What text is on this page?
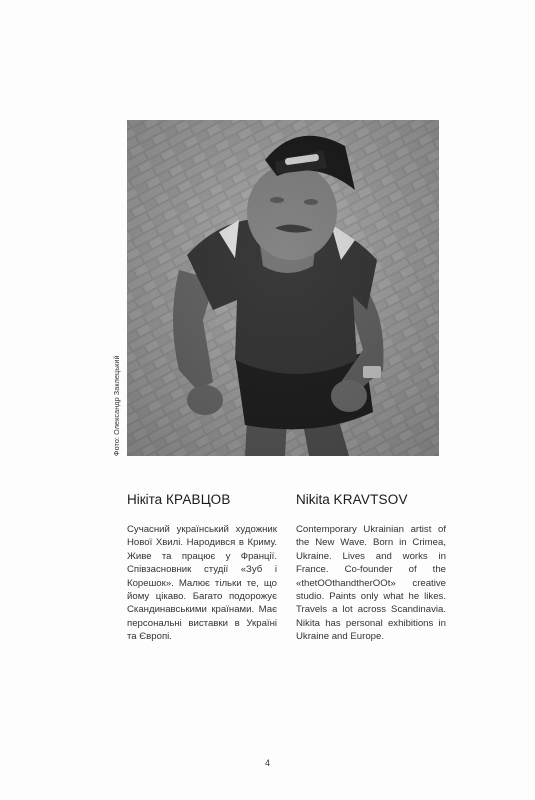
Фото: Олександр Заклецький

Нікіта КРАВЦОВ

Сучасний український художник Нової Хвилі. Народився в Криму. Живе та працює у Франції. Співзасновник студії «Зуб і Корешок». Малює тільки те, що йому цікаво. Багато подорожує Скандинавськими країнами. Має персональні виставки в Україні та Європі.

Nikita KRAVTSOV

Contemporary Ukrainian artist of the New Wave. Born in Crimea, Ukraine. Lives and works in France. Co-founder of the «thetOOthandtherOOt» creative studio. Paints only what he likes. Travels a lot across Scandinavia. Nikita has personal exhibitions in Ukraine and Europe.

4
